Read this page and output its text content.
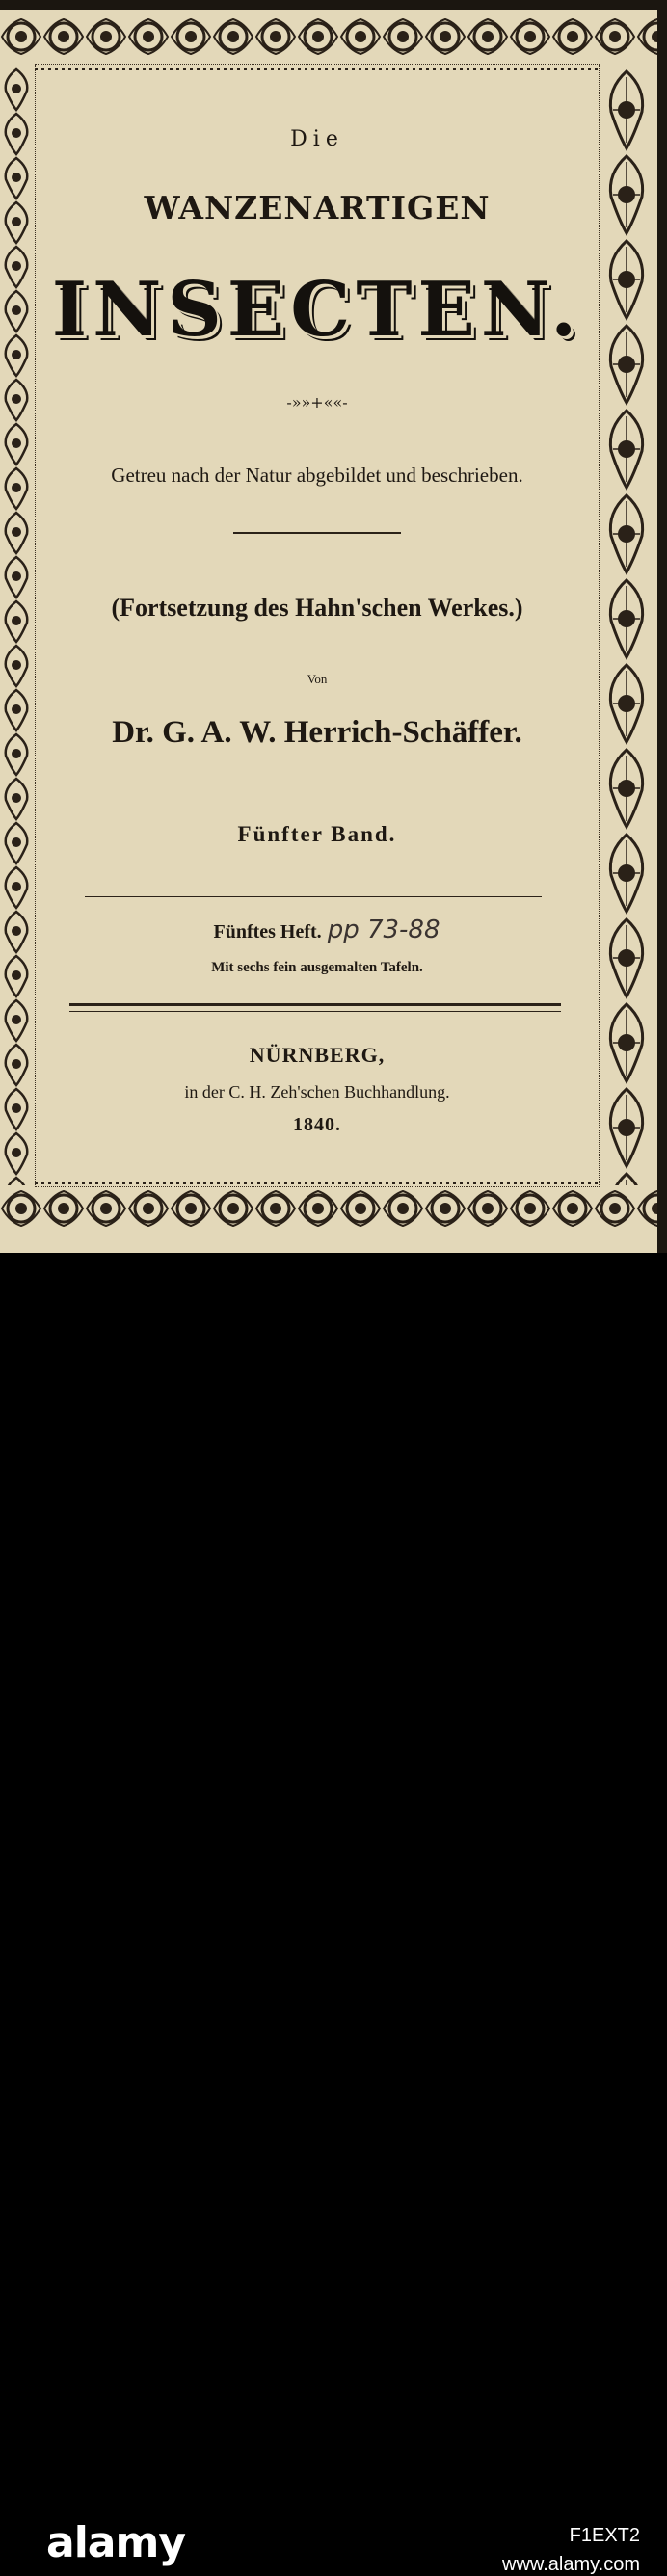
Die
WANZENARTIGEN
INSECTEN.
-»»+««-
Getreu nach der Natur abgebildet und beschrieben.
(Fortsetzung des Hahn'schen Werkes.)
Von
Dr. G. A. W. Herrich-Schäffer.
Fünfter Band.
Fünftes Heft. pp 73-88
Mit sechs fein ausgemalten Tafeln.
NÜRNBERG,
in der C. H. Zeh'schen Buchhandlung.
1840.
alamy	F1EXT2
www.alamy.com
